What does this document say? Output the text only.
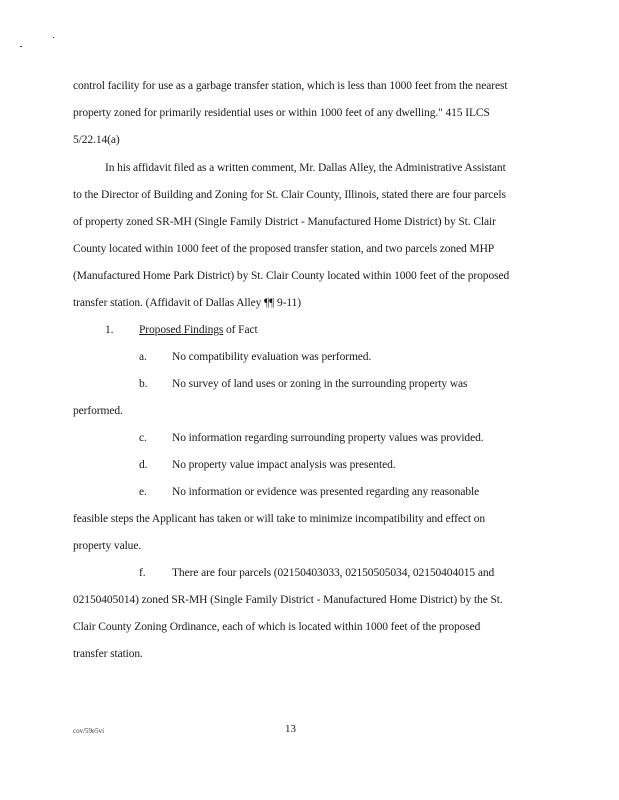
control facility for use as a garbage transfer station, which is less than 1000 feet from the nearest
property zoned for primarily residential uses or within 1000 feet of any dwelling." 415 ILCS
5/22.14(a)
In his affidavit filed as a written comment, Mr. Dallas Alley, the Administrative Assistant
to the Director of Building and Zoning for St. Clair County, Illinois, stated there are four parcels
of property zoned SR-MH (Single Family District - Manufactured Home District) by St. Clair
County located within 1000 feet of the proposed transfer station, and two parcels zoned MHP
(Manufactured Home Park District) by St. Clair County located within 1000 feet of the proposed
transfer station. (Affidavit of Dallas Alley ¶¶ 9-11)
1. Proposed Findings of Fact
a. No compatibility evaluation was performed.
b. No survey of land uses or zoning in the surrounding property was
performed.
c. No information regarding surrounding property values was provided.
d. No property value impact analysis was presented.
e. No information or evidence was presented regarding any reasonable
feasible steps the Applicant has taken or will take to minimize incompatibility and effect on
property value.
f. There are four parcels (02150403033, 02150505034, 02150404015 and
02150405014) zoned SR-MH (Single Family District - Manufactured Home District) by the St.
Clair County Zoning Ordinance, each of which is located within 1000 feet of the proposed
transfer station.
cov/59e5vi	13
